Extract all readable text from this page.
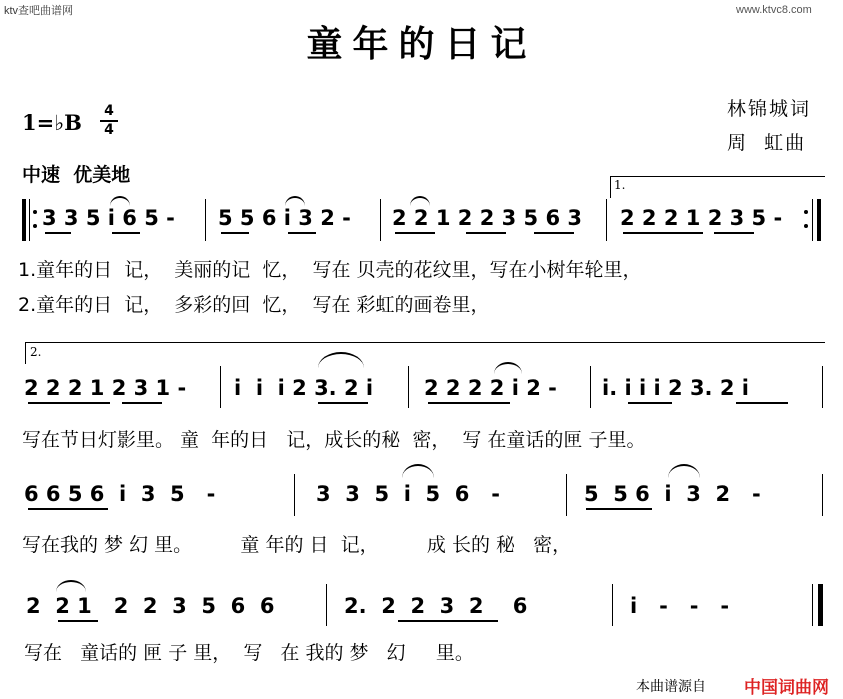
ktv查吧曲谱网	www.ktvc8.com
童年的日记
林锦城词
周  虹曲
1=♭B 4
4
中速  优美地
3 3 5 i 6 5 - 5 5 6 i 3 2 - 2 2 1 2 2 3 5 6 3
1.
2 2 2 1 2 3 5 -
1.童年的日  记，  美丽的记  忆，  写在 贝壳的花纹里，写在小树年轮里，
2.童年的日  记，  多彩的回  忆，  写在 彩虹的画卷里，
2.
2 2 2 1 2 3 1 - i  i  i 2 3. 2 i 2 2 2 2 i 2 - i. i i i 2 3. 2 i
写在节日灯影里。 童  年的日   记，成长的秘  密，  写 在童话的匣 子里。
6 6 5 6  i  3  5   -	3  3  5  i  5  6   -	5  5 6  i  3  2   -
写在我的 梦 幻 里。        童 年的 日  记，        成 长的 秘   密，
2  2 1   2  2  3  5  6  6	2.  2  2  3  2    6	i   -   -   -
写在   童话的 匣 子 里，  写   在 我的 梦   幻     里。
本曲谱源自 中国词曲网
